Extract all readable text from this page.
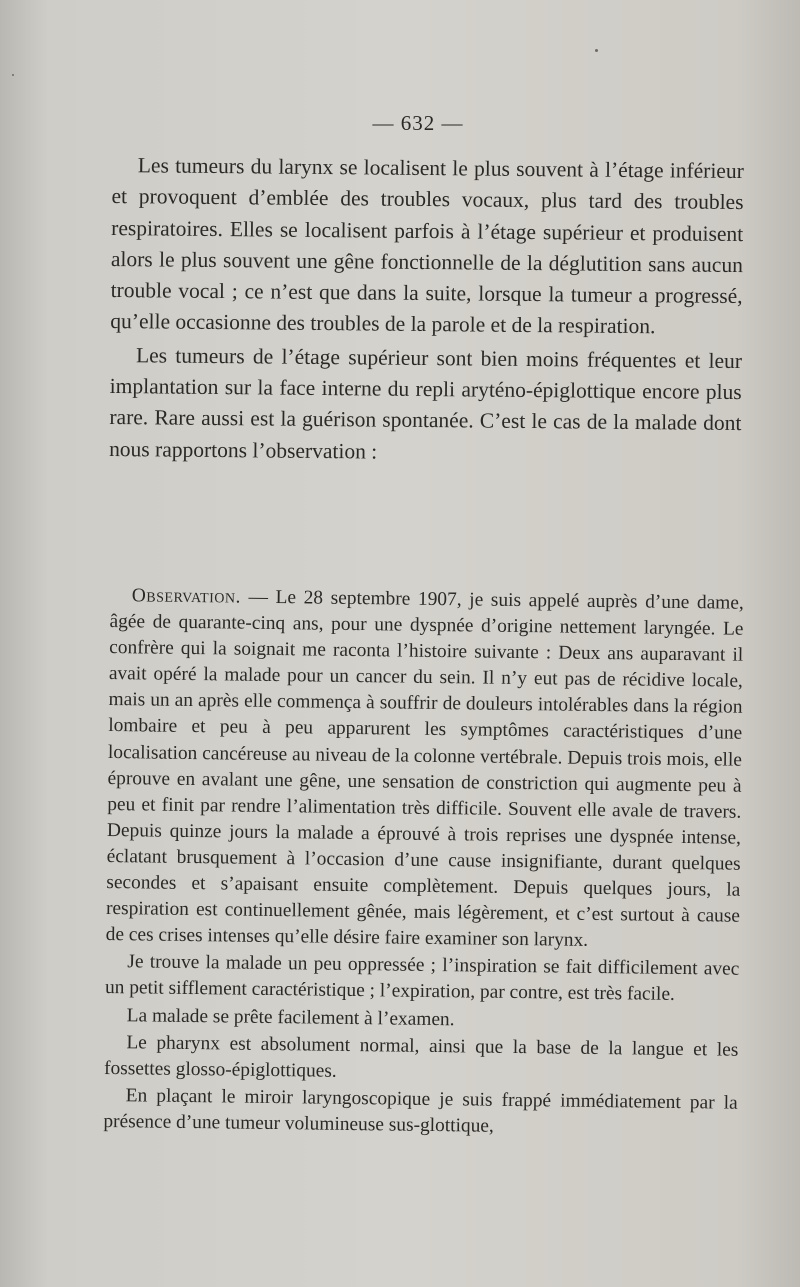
— 632 —

Les tumeurs du larynx se localisent le plus souvent à l’étage inférieur et provoquent d’emblée des troubles vocaux, plus tard des troubles respiratoires. Elles se localisent parfois à l’étage supérieur et produisent alors le plus souvent une gêne fonctionnelle de la déglutition sans aucun trouble vocal ; ce n’est que dans la suite, lorsque la tumeur a progressé, qu’elle occasionne des troubles de la parole et de la respiration.

Les tumeurs de l’étage supérieur sont bien moins fréquentes et leur implantation sur la face interne du repli aryténo-épiglottique encore plus rare. Rare aussi est la guérison spontanée. C’est le cas de la malade dont nous rapportons l’observation :

Observation. — Le 28 septembre 1907, je suis appelé auprès d’une dame, âgée de quarante-cinq ans, pour une dyspnée d’origine nettement laryngée. Le confrère qui la soignait me raconta l’histoire suivante : Deux ans auparavant il avait opéré la malade pour un cancer du sein. Il n’y eut pas de récidive locale, mais un an après elle commença à souffrir de douleurs intolérables dans la région lombaire et peu à peu apparurent les symptômes caractéristiques d’une localisation cancéreuse au niveau de la colonne vertébrale. Depuis trois mois, elle éprouve en avalant une gêne, une sensation de constriction qui augmente peu à peu et finit par rendre l’alimentation très difficile. Souvent elle avale de travers. Depuis quinze jours la malade a éprouvé à trois reprises une dyspnée intense, éclatant brusquement à l’occasion d’une cause insignifiante, durant quelques secondes et s’apaisant ensuite complètement. Depuis quelques jours, la respiration est continuellement gênée, mais légèrement, et c’est surtout à cause de ces crises intenses qu’elle désire faire examiner son larynx.

Je trouve la malade un peu oppressée ; l’inspiration se fait difficilement avec un petit sifflement caractéristique ; l’expiration, par contre, est très facile.

La malade se prête facilement à l’examen.

Le pharynx est absolument normal, ainsi que la base de la langue et les fossettes glosso-épiglottiques.

En plaçant le miroir laryngoscopique je suis frappé immédiatement par la présence d’une tumeur volumineuse sus-glottique,
